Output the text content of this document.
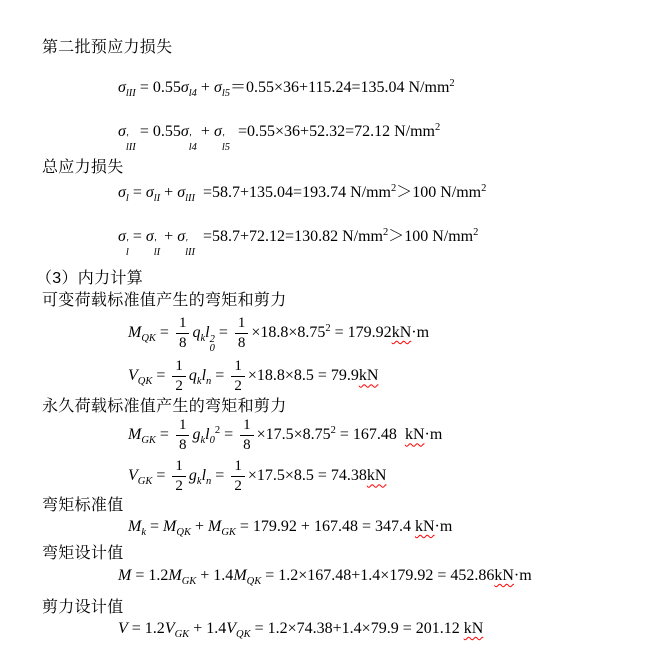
第二批预应力损失
$\sigma_{lII} = 0.55\sigma_{l4} + \sigma_{l5}=0.55\times 36+115.24=135.04$ $N/mm^2$
σ ′
lII
= 0.55σ ′
l4
+ σ ′
l5
=0.55×36+52.32=72.12 $N/mm^2$
总应力损失
$\sigma_l = \sigma_{lI} + \sigma_{lII} =58.7+135.04=193.74$ $N/mm^2>100$ $N/mm^2$
σ ′
l
= σ ′
lI
+ σ ′
lII
=58.7+72.12=130.82 $N/mm^2>100$ $N/mm^2$
（3）内力计算
可变荷载标准值产生的弯矩和剪力
$M_{QK} = \frac{1}{8} q_kl$ 2
0
= $\frac{1}{8} \times 18.8\times 8.75^2 = 179.92kN\cdot m$
$V_{QK} = \frac{1}{2} q_kl_n = \frac{1}{2} \times 18.8\times 8.5 = 79.9kN$
永久荷载标准值产生的弯矩和剪力
$M_{GK} = \frac{1}{8} g_kl_0^2 = \frac{1}{8} \times 17.5\times 8.75^2 = 167.48$  kN·m
$V_{GK} = \frac{1}{2} g_kl_n = \frac{1}{2} \times 17.5\times 8.5 = 74.38kN$
弯矩标准值
$M_k = M_{QK} + M_{GK} = 179.92 + 167.48 = 347.4$ kN·m
弯矩设计值
$M = 1.2M_{GK} + 1.4M_{QK} = 1.2\times 167.48+1.4\times 179.92 = 452.86kN\cdot m$
剪力设计值
$V = 1.2V_{GK} + 1.4V_{QK} = 1.2\times 74.38+1.4\times 79.9 = 201.12$ kN
